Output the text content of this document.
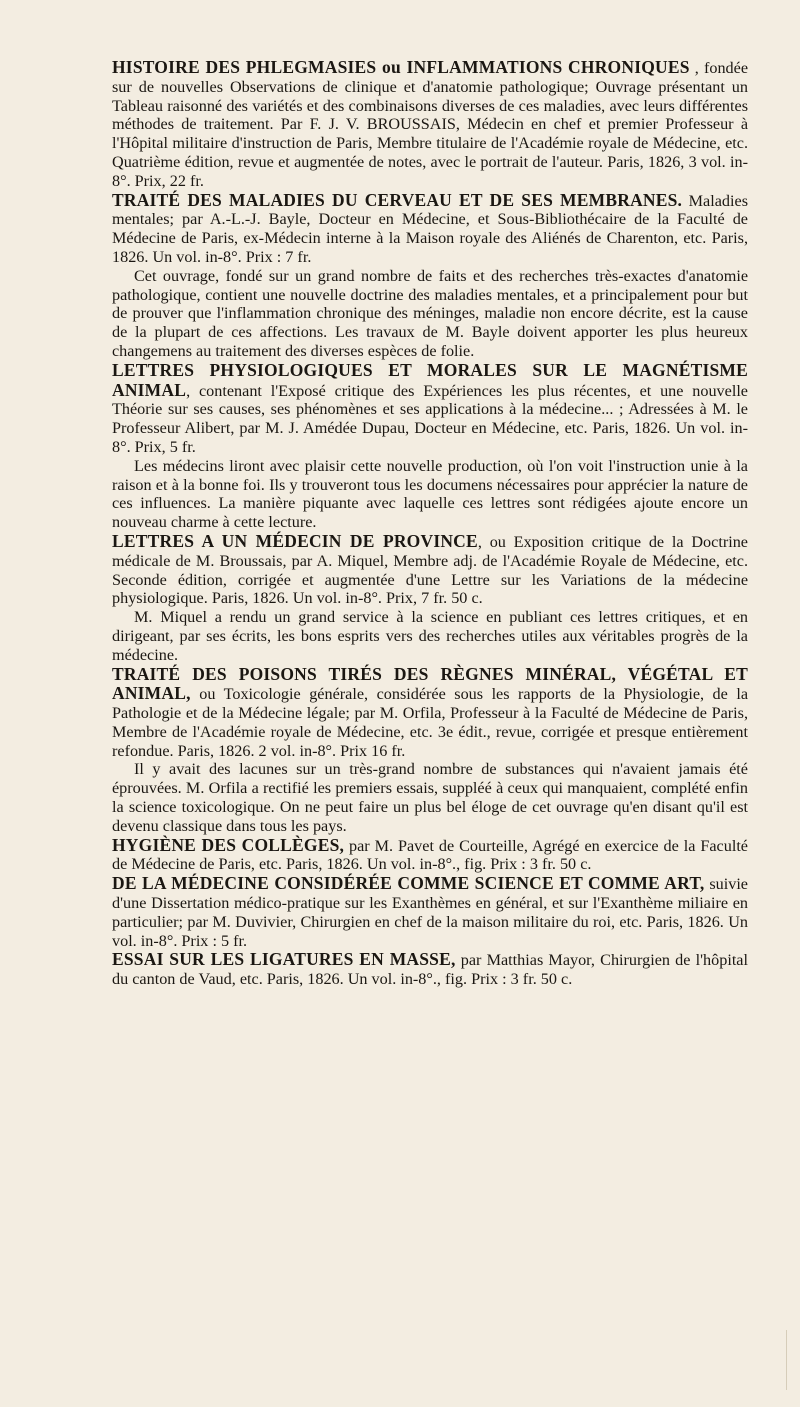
HISTOIRE DES PHLEGMASIES ou INFLAMMATIONS CHRONIQUES , fondée sur de nouvelles Observations de clinique et d'anatomie pathologique; Ouvrage présentant un Tableau raisonné des variétés et des combinaisons diverses de ces maladies, avec leurs différentes méthodes de traitement. Par F. J. V. BROUSSAIS, Médecin en chef et premier Professeur à l'Hôpital militaire d'instruction de Paris, Membre titulaire de l'Académie royale de Médecine, etc. Quatrième édition, revue et augmentée de notes, avec le portrait de l'auteur. Paris, 1826, 3 vol. in-8°. Prix, 22 fr.

TRAITÉ DES MALADIES DU CERVEAU ET DE SES MEMBRANES. Maladies mentales; par A.-L.-J. Bayle, Docteur en Médecine, et Sous-Bibliothécaire de la Faculté de Médecine de Paris, ex-Médecin interne à la Maison royale des Aliénés de Charenton, etc. Paris, 1826. Un vol. in-8°. Prix : 7 fr.

Cet ouvrage, fondé sur un grand nombre de faits et des recherches très-exactes d'anatomie pathologique, contient une nouvelle doctrine des maladies mentales, et a principalement pour but de prouver que l'inflammation chronique des méninges, maladie non encore décrite, est la cause de la plupart de ces affections. Les travaux de M. Bayle doivent apporter les plus heureux changemens au traitement des diverses espèces de folie.

LETTRES PHYSIOLOGIQUES ET MORALES SUR LE MAGNÉTISME ANIMAL, contenant l'Exposé critique des Expériences les plus récentes, et une nouvelle Théorie sur ses causes, ses phénomènes et ses applications à la médecine... ; Adressées à M. le Professeur Alibert, par M. J. Amédée Dupau, Docteur en Médecine, etc. Paris, 1826. Un vol. in-8°. Prix, 5 fr.

Les médecins liront avec plaisir cette nouvelle production, où l'on voit l'instruction unie à la raison et à la bonne foi. Ils y trouveront tous les documens nécessaires pour apprécier la nature de ces influences. La manière piquante avec laquelle ces lettres sont rédigées ajoute encore un nouveau charme à cette lecture.

LETTRES A UN MÉDECIN DE PROVINCE, ou Exposition critique de la Doctrine médicale de M. Broussais, par A. Miquel, Membre adj. de l'Académie Royale de Médecine, etc. Seconde édition, corrigée et augmentée d'une Lettre sur les Variations de la médecine physiologique. Paris, 1826. Un vol. in-8°. Prix, 7 fr. 50 c.

M. Miquel a rendu un grand service à la science en publiant ces lettres critiques, et en dirigeant, par ses écrits, les bons esprits vers des recherches utiles aux véritables progrès de la médecine.

TRAITÉ DES POISONS TIRÉS DES RÈGNES MINÉRAL, VÉGÉTAL ET ANIMAL, ou Toxicologie générale, considérée sous les rapports de la Physiologie, de la Pathologie et de la Médecine légale; par M. Orfila, Professeur à la Faculté de Médecine de Paris, Membre de l'Académie royale de Médecine, etc. 3e édit., revue, corrigée et presque entièrement refondue. Paris, 1826. 2 vol. in-8°. Prix 16 fr.

Il y avait des lacunes sur un très-grand nombre de substances qui n'avaient jamais été éprouvées. M. Orfila a rectifié les premiers essais, suppléé à ceux qui manquaient, complété enfin la science toxicologique. On ne peut faire un plus bel éloge de cet ouvrage qu'en disant qu'il est devenu classique dans tous les pays.

HYGIÈNE DES COLLÈGES, par M. Pavet de Courteille, Agrégé en exercice de la Faculté de Médecine de Paris, etc. Paris, 1826. Un vol. in-8°., fig. Prix : 3 fr. 50 c.

DE LA MÉDECINE CONSIDÉRÉE COMME SCIENCE ET COMME ART, suivie d'une Dissertation médico-pratique sur les Exanthèmes en général, et sur l'Exanthème miliaire en particulier; par M. Duvivier, Chirurgien en chef de la maison militaire du roi, etc. Paris, 1826. Un vol. in-8°. Prix : 5 fr.

ESSAI SUR LES LIGATURES EN MASSE, par Matthias Mayor, Chirurgien de l'hôpital du canton de Vaud, etc. Paris, 1826. Un vol. in-8°., fig. Prix : 3 fr. 50 c.
